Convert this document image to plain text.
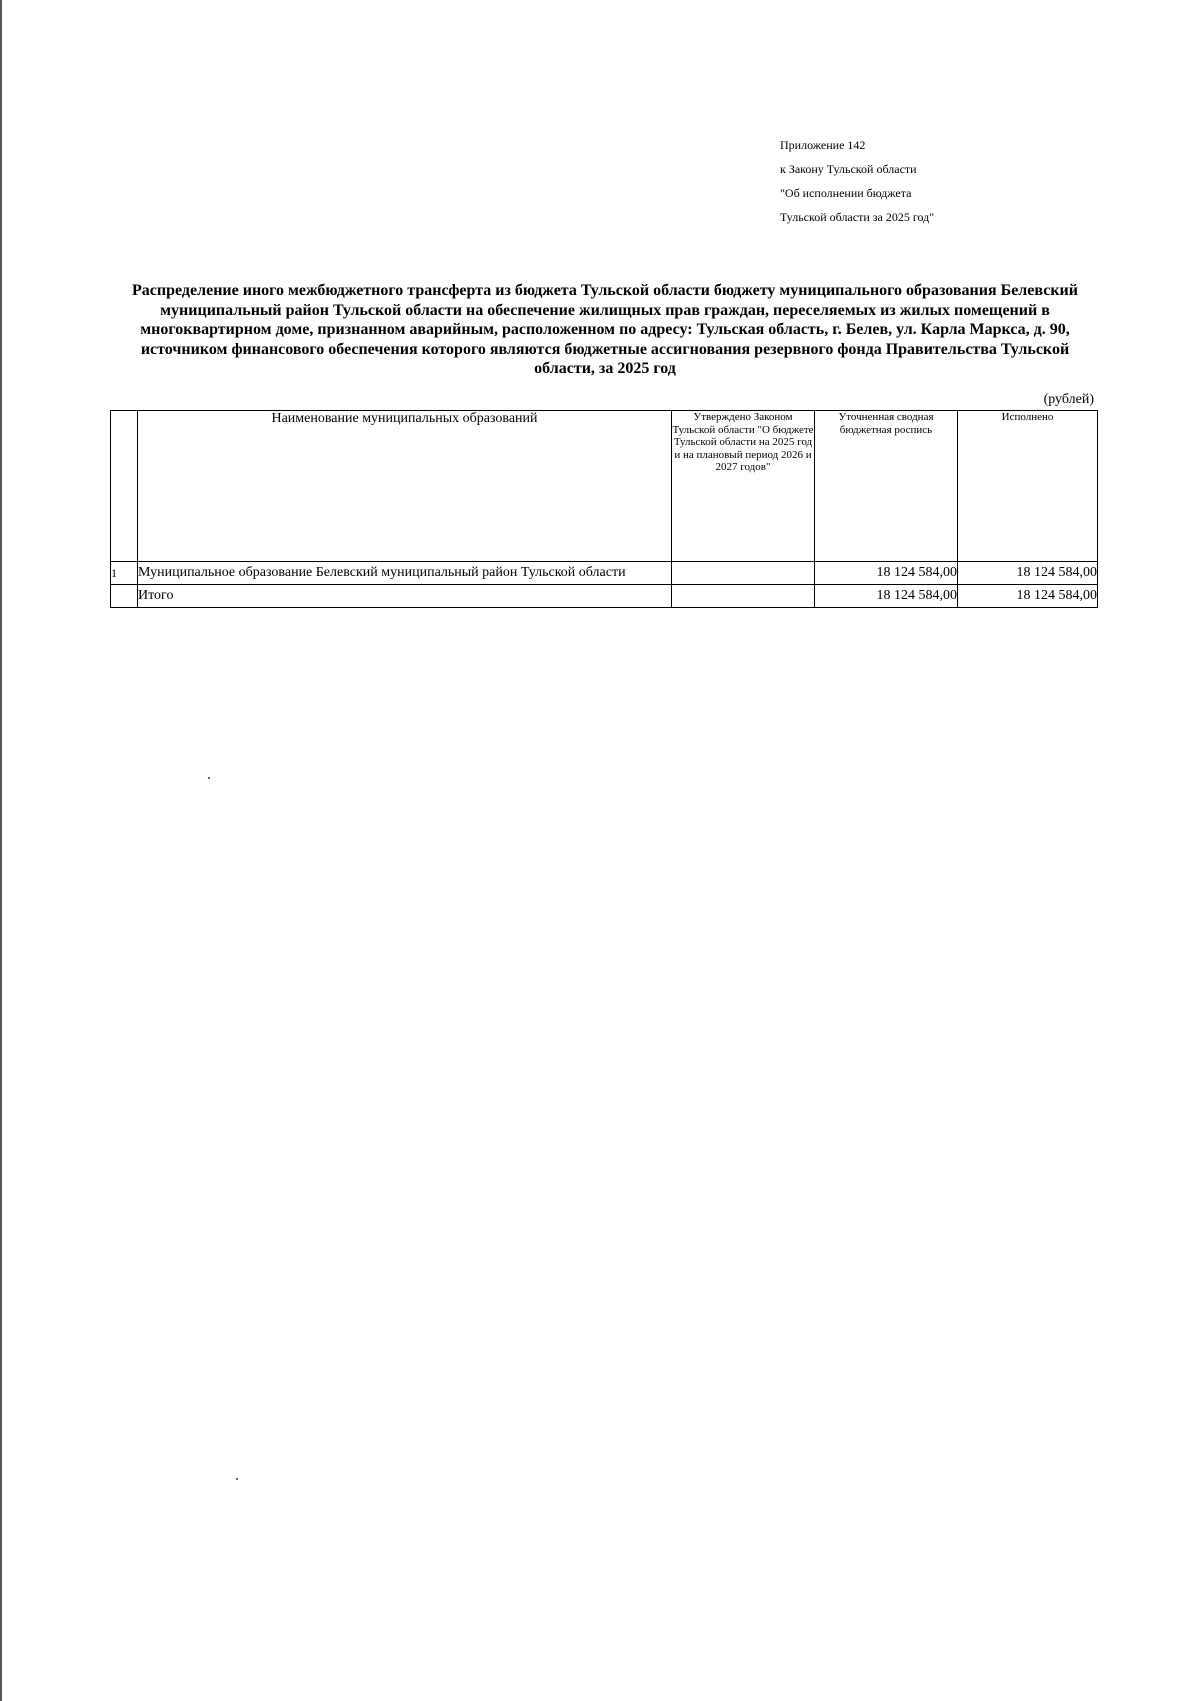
Приложение 142
к Закону Тульской области
"Об исполнении бюджета
Тульской области за 2025 год"
Распределение иного межбюджетного трансферта из бюджета Тульской области бюджету муниципального образования Белевский муниципальный район Тульской области на обеспечение жилищных прав граждан, переселяемых из жилых помещений в многоквартирном доме, признанном аварийным, расположенном по адресу: Тульская область, г. Белев, ул. Карла Маркса, д. 90, источником финансового обеспечения которого являются бюджетные ассигнования резервного фонда Правительства Тульской области, за 2025 год
(рублей)
	Наименование муниципальных образований	Утверждено Законом Тульской области "О бюджете Тульской области на 2025 год и на плановый период 2026 и 2027 годов"	Уточненная сводная бюджетная роспись	Исполнено
1	Муниципальное образование Белевский муниципальный район Тульской области		18 124 584,00	18 124 584,00
	Итого		18 124 584,00	18 124 584,00
